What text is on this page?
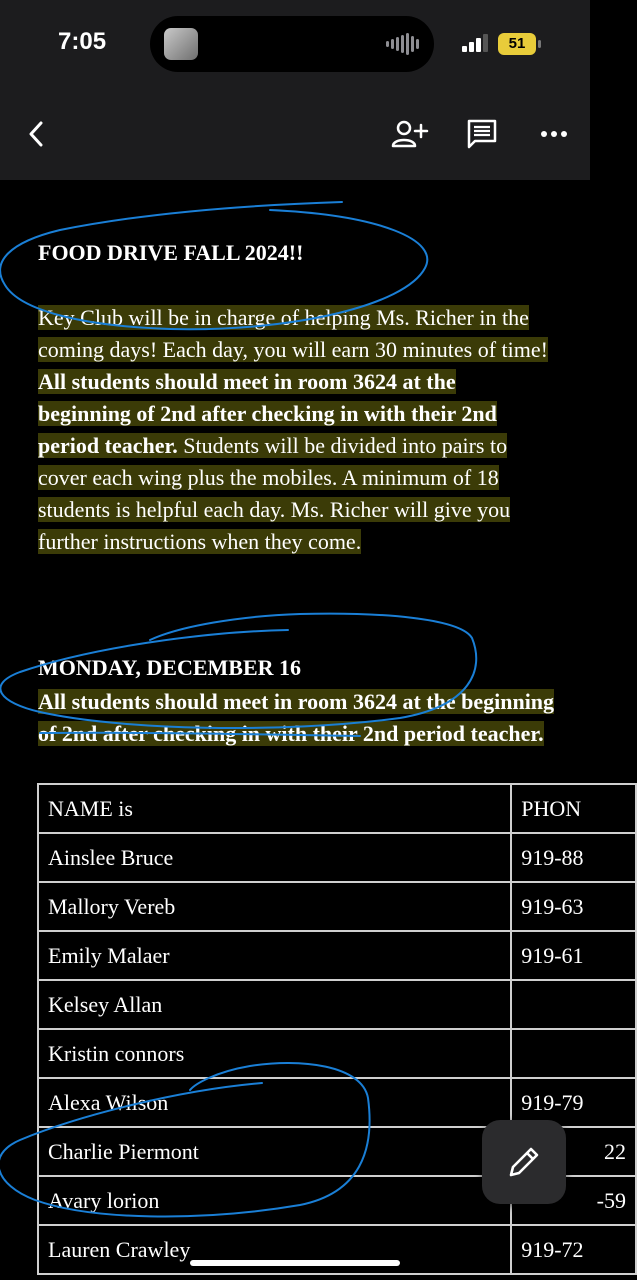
7:05	51
FOOD DRIVE FALL 2024!!
Key Club will be in charge of helping Ms. Richer in the coming days! Each day, you will earn 30 minutes of time! All students should meet in room 3624 at the beginning of 2nd after checking in with their 2nd period teacher. Students will be divided into pairs to cover each wing plus the mobiles. A minimum of 18 students is helpful each day. Ms. Richer will give you further instructions when they come.
MONDAY, DECEMBER 16
All students should meet in room 3624 at the beginning of 2nd after checking in with their 2nd period teacher.
NAME is	PHON
Ainslee Bruce	919-88
Mallory Vereb	919-63
Emily Malaer	919-61
Kelsey Allan	
Kristin connors	
Alexa Wilson	919-79
Charlie Piermont	22
Avary lorion	-59
Lauren Crawley	919-72
